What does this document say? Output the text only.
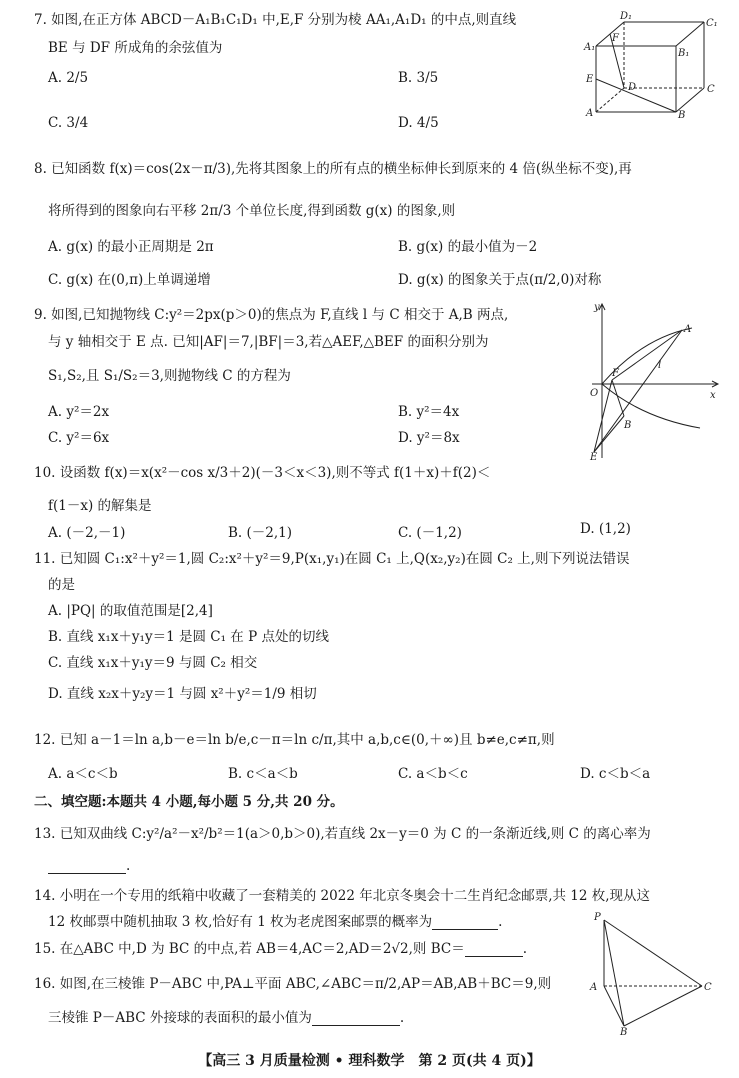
7. 如图,在正方体 ABCD－A₁B₁C₁D₁ 中,E,F 分别为棱 AA₁,A₁D₁ 的中点,则直线
BE 与 DF 所成角的余弦值为
A. 2/5	B. 3/5
C. 3/4	D. 4/5
D₁
C₁
A₁
B₁
F
E
D	C
A	B
8. 已知函数 f(x)＝cos(2x－π/3),先将其图象上的所有点的横坐标伸长到原来的 4 倍(纵坐标不变),再
将所得到的图象向右平移 2π/3 个单位长度,得到函数 g(x) 的图象,则
A. g(x) 的最小正周期是 2π	B. g(x) 的最小值为－2
C. g(x) 在(0,π)上单调递增	D. g(x) 的图象关于点(π/2,0)对称
9. 如图,已知抛物线 C:y²＝2px(p＞0)的焦点为 F,直线 l 与 C 相交于 A,B 两点,
与 y 轴相交于 E 点. 已知|AF|＝7,|BF|＝3,若△AEF,△BEF 的面积分别为
S₁,S₂,且 S₁/S₂＝3,则抛物线 C 的方程为
A. y²＝2x	B. y²＝4x
C. y²＝6x	D. y²＝8x
y
A
F
l
O	x
B
E
10. 设函数 f(x)＝x(x²－cos x/3＋2)(－3＜x＜3),则不等式 f(1＋x)＋f(2)＜
f(1－x) 的解集是
A. (－2,－1)	B. (－2,1)	C. (－1,2)	D. (1,2)
11. 已知圆 C₁:x²＋y²＝1,圆 C₂:x²＋y²＝9,P(x₁,y₁)在圆 C₁ 上,Q(x₂,y₂)在圆 C₂ 上,则下列说法错误
的是
A. |PQ| 的取值范围是[2,4]
B. 直线 x₁x＋y₁y＝1 是圆 C₁ 在 P 点处的切线
C. 直线 x₁x＋y₁y＝9 与圆 C₂ 相交
D. 直线 x₂x＋y₂y＝1 与圆 x²＋y²＝1/9 相切
12. 已知 a－1＝ln a,b－e＝ln b/e,c－π＝ln c/π,其中 a,b,c∈(0,＋∞)且 b≠e,c≠π,则
A. a＜c＜b	B. c＜a＜b	C. a＜b＜c	D. c＜b＜a
二、填空题:本题共 4 小题,每小题 5 分,共 20 分。
13. 已知双曲线 C:y²/a²－x²/b²＝1(a＞0,b＞0),若直线 2x－y＝0 为 C 的一条渐近线,则 C 的离心率为
.
14. 小明在一个专用的纸箱中收藏了一套精美的 2022 年北京冬奥会十二生肖纪念邮票,共 12 枚,现从这
12 枚邮票中随机抽取 3 枚,恰好有 1 枚为老虎图案邮票的概率为	.
15. 在△ABC 中,D 为 BC 的中点,若 AB＝4,AC＝2,AD＝2√2,则 BC＝	.
16. 如图,在三棱锥 P－ABC 中,PA⊥平面 ABC,∠ABC＝π/2,AP＝AB,AB＋BC＝9,则
三棱锥 P－ABC 外接球的表面积的最小值为	.
P
A	C
B
【高三 3 月质量检测 • 理科数学　第 2 页(共 4 页)】
